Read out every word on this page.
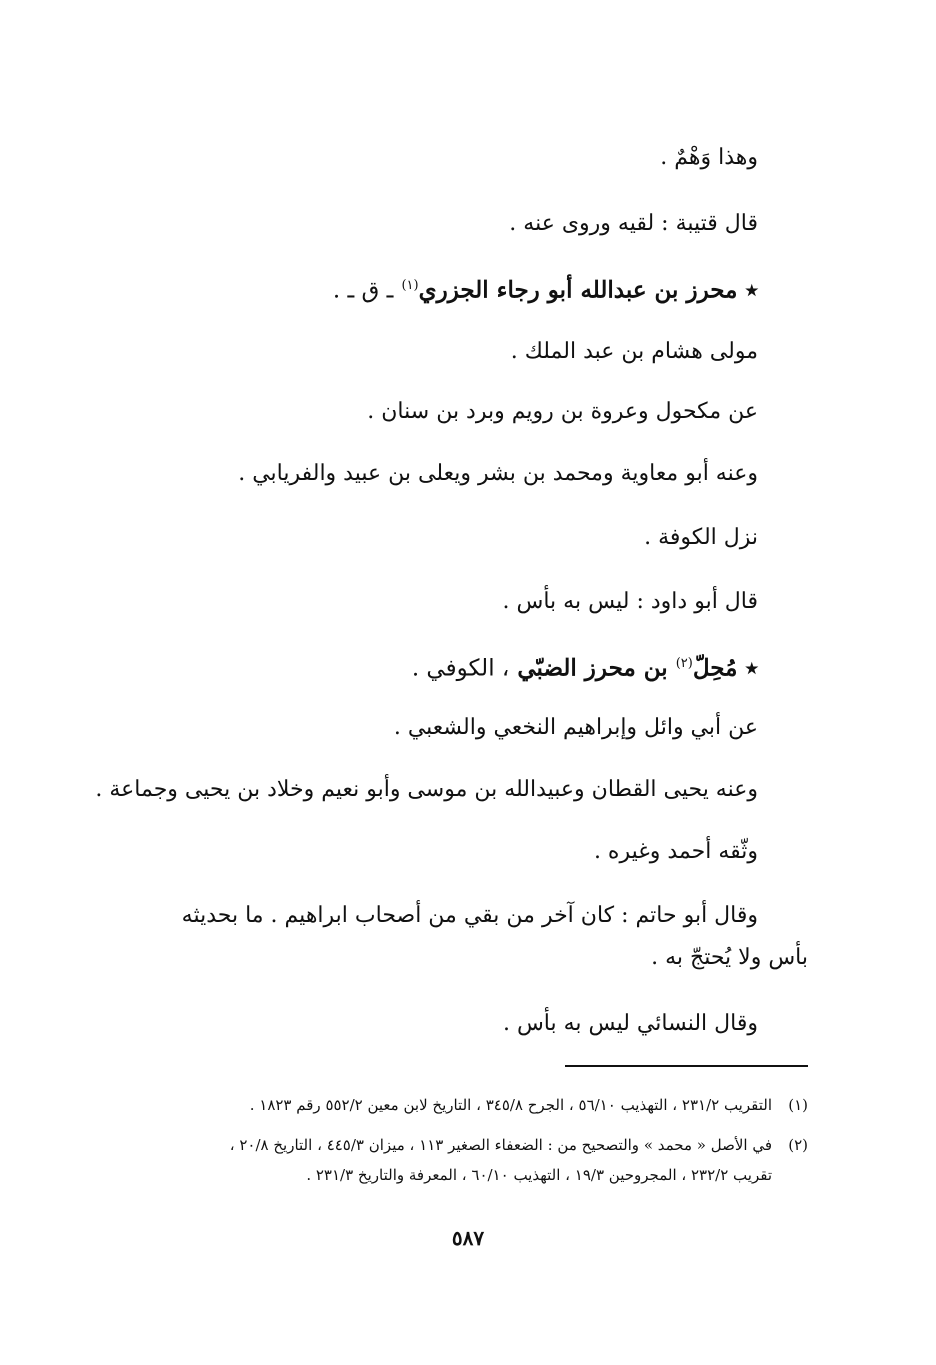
وهذا وَهْمٌ .
قال قتيبة : لقيه وروى عنه .
٭ محرز بن عبدالله أبو رجاء الجزري$^{(١)}$ ـ ق ـ .
مولى هشام بن عبد الملك .
عن مكحول وعروة بن رويم وبرد بن سنان .
وعنه أبو معاوية ومحمد بن بشر ويعلى بن عبيد والفريابي .
نزل الكوفة .
قال أبو داود : ليس به بأس .
٭ مُحِلّ$^{(٢)}$ بن محرز الضبّي ، الكوفي .
عن أبي وائل وإبراهيم النخعي والشعبي .
وعنه يحيى القطان وعبيدالله بن موسى وأبو نعيم وخلاد بن يحيى وجماعة .
وثّقه أحمد وغيره .
وقال أبو حاتم : كان آخر من بقي من أصحاب ابراهيم . ما بحديثه
بأس ولا يُحتجّ به .
وقال النسائي ليس به بأس .
(١)التقريب ٢٣١/٢ ، التهذيب ٥٦/١٠ ، الجرح ٣٤٥/٨ ، التاريخ لابن معين ٥٥٢/٢ رقم ١٨٢٣ .
(٢)في الأصل « محمد » والتصحيح من : الضعفاء الصغير ١١٣ ، ميزان ٤٤٥/٣ ، التاريخ ٢٠/٨ ،
تقريب ٢٣٢/٢ ، المجروحين ١٩/٣ ، التهذيب ٦٠/١٠ ، المعرفة والتاريخ ٢٣١/٣ .
٥٨٧
